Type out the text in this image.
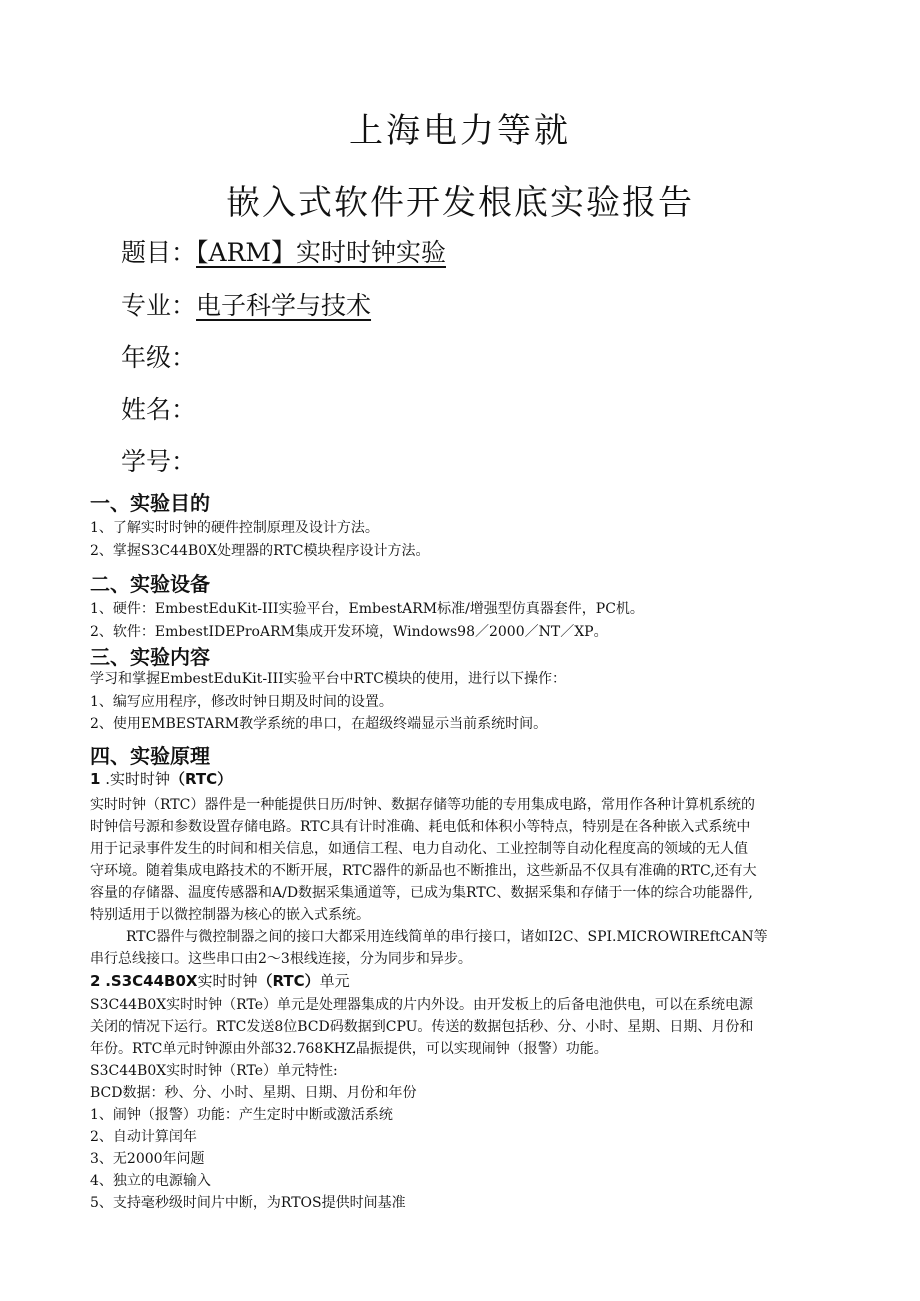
上海电力等就
嵌入式软件开发根底实验报告
题目：【ARM】实时时钟实验
专业：电子科学与技术
年级：
姓名：
学号：
一、实验目的
1、了解实时时钟的硬件控制原理及设计方法。
2、掌握S3C44B0X处理器的RTC模块程序设计方法。
二、实验设备
1、硬件：EmbestEduKit-III实验平台，EmbestARM标准/增强型仿真器套件，PC机。
2、软件：EmbestIDEProARM集成开发环境，Windows98／2000／NT／XP。
三、实验内容
学习和掌握EmbestEduKit-III实验平台中RTC模块的使用，进行以下操作：
1、编写应用程序，修改时钟日期及时间的设置。
2、使用EMBESTARM教学系统的串口，在超级终端显示当前系统时间。
四、实验原理
1 .实时时钟（RTC）
实时时钟（RTC）器件是一种能提供日历/时钟、数据存储等功能的专用集成电路，常用作各种计算机系统的
时钟信号源和参数设置存储电路。RTC具有计时准确、耗电低和体积小等特点，特别是在各种嵌入式系统中
用于记录事件发生的时间和相关信息，如通信工程、电力自动化、工业控制等自动化程度高的领域的无人值
守环境。随着集成电路技术的不断开展，RTC器件的新品也不断推出，这些新品不仅具有准确的RTC,还有大
容量的存储器、温度传感器和A/D数据采集通道等，已成为集RTC、数据采集和存储于一体的综合功能器件,
特别适用于以微控制器为核心的嵌入式系统。
RTC器件与微控制器之间的接口大都采用连线简单的串行接口，诸如I2C、SPI.MICROWIREftCAN等
串行总线接口。这些串口由2～3根线连接，分为同步和异步。
2 .S3C44B0X实时时钟（RTC）单元
S3C44B0X实时时钟（RTe）单元是处理器集成的片内外设。由开发板上的后备电池供电，可以在系统电源
关闭的情况下运行。RTC发送8位BCD码数据到CPU。传送的数据包括秒、分、小时、星期、日期、月份和
年份。RTC单元时钟源由外部32.768KHZ晶振提供，可以实现闹钟（报警）功能。
S3C44B0X实时时钟（RTe）单元特性:
BCD数据：秒、分、小时、星期、日期、月份和年份
1、闹钟（报警）功能：产生定时中断或激活系统
2、自动计算闰年
3、无2000年问题
4、独立的电源输入
5、支持毫秒级时间片中断，为RTOS提供时间基准
